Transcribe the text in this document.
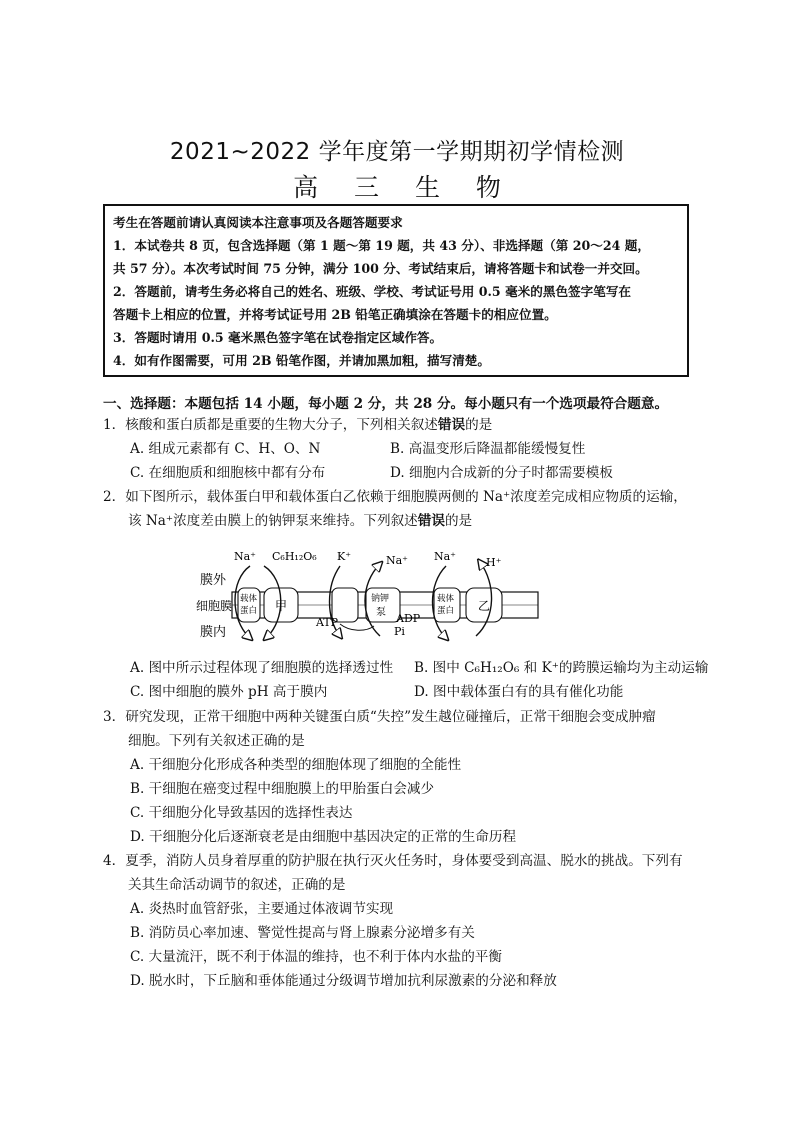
2021~2022 学年度第一学期期初学情检测
高 三 生 物
考生在答题前请认真阅读本注意事项及各题答题要求
1．本试卷共 8 页，包含选择题（第 1 题～第 19 题，共 43 分）、非选择题（第 20～24 题，
共 57 分）。本次考试时间 75 分钟，满分 100 分、考试结束后，请将答题卡和试卷一并交回。
2．答题前，请考生务必将自己的姓名、班级、学校、考试证号用 0.5 毫米的黑色签字笔写在
答题卡上相应的位置，并将考试证号用 2B 铅笔正确填涂在答题卡的相应位置。
3．答题时请用 0.5 毫米黑色签字笔在试卷指定区域作答。
4．如有作图需要，可用 2B 铅笔作图，并请加黑加粗，描写清楚。
一、选择题：本题包括 14 小题，每小题 2 分，共 28 分。每小题只有一个选项最符合题意。
1．核酸和蛋白质都是重要的生物大分子，下列相关叙述错误的是
A. 组成元素都有 C、H、O、N	B. 高温变形后降温都能缓慢复性
C. 在细胞质和细胞核中都有分布	D. 细胞内合成新的分子时都需要模板
2．如下图所示，载体蛋白甲和载体蛋白乙依赖于细胞膜两侧的 Na⁺浓度差完成相应物质的运输，
该 Na⁺浓度差由膜上的钠钾泵来维持。下列叙述错误的是
膜外
细胞膜
膜内
载体
蛋白 甲	钠钾
泵
载体
蛋白 乙
Na⁺ C₆H₁₂O₆ K⁺	Na⁺ Na⁺	H⁺
ATP	ADP
Pi
A. 图中所示过程体现了细胞膜的选择透过性 B. 图中 C₆H₁₂O₆ 和 K⁺的跨膜运输均为主动运输
C. 图中细胞的膜外 pH 高于膜内	D. 图中载体蛋白有的具有催化功能
3．研究发现，正常干细胞中两种关键蛋白质“失控”发生越位碰撞后，正常干细胞会变成肿瘤
细胞。下列有关叙述正确的是
A. 干细胞分化形成各种类型的细胞体现了细胞的全能性
B. 干细胞在癌变过程中细胞膜上的甲胎蛋白会减少
C. 干细胞分化导致基因的选择性表达
D. 干细胞分化后逐渐衰老是由细胞中基因决定的正常的生命历程
4．夏季，消防人员身着厚重的防护服在执行灭火任务时，身体要受到高温、脱水的挑战。下列有
关其生命活动调节的叙述，正确的是
A. 炎热时血管舒张，主要通过体液调节实现
B. 消防员心率加速、警觉性提高与肾上腺素分泌增多有关
C. 大量流汗，既不利于体温的维持，也不利于体内水盐的平衡
D. 脱水时，下丘脑和垂体能通过分级调节增加抗利尿激素的分泌和释放
